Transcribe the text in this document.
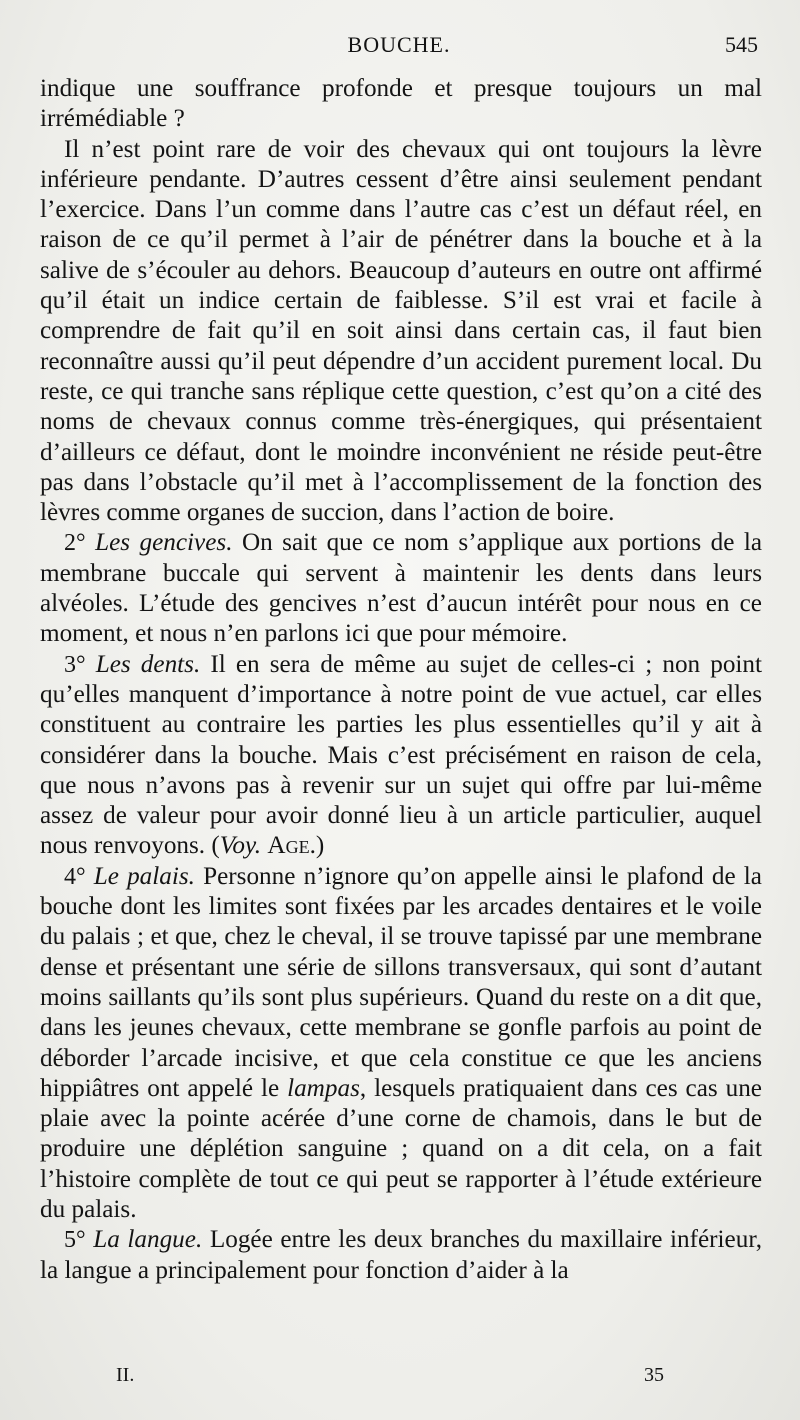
BOUCHE.	545

indique une souffrance profonde et presque toujours un mal irrémédiable ?

Il n’est point rare de voir des chevaux qui ont toujours la lèvre inférieure pendante. D’autres cessent d’être ainsi seulement pendant l’exercice. Dans l’un comme dans l’autre cas c’est un défaut réel, en raison de ce qu’il permet à l’air de pénétrer dans la bouche et à la salive de s’écouler au dehors. Beaucoup d’auteurs en outre ont affirmé qu’il était un indice certain de faiblesse. S’il est vrai et facile à comprendre de fait qu’il en soit ainsi dans certain cas, il faut bien reconnaître aussi qu’il peut dépendre d’un accident purement local. Du reste, ce qui tranche sans réplique cette question, c’est qu’on a cité des noms de chevaux connus comme très-énergiques, qui présentaient d’ailleurs ce défaut, dont le moindre inconvénient ne réside peut-être pas dans l’obstacle qu’il met à l’accomplissement de la fonction des lèvres comme organes de succion, dans l’action de boire.

2° Les gencives. On sait que ce nom s’applique aux portions de la membrane buccale qui servent à maintenir les dents dans leurs alvéoles. L’étude des gencives n’est d’aucun intérêt pour nous en ce moment, et nous n’en parlons ici que pour mémoire.

3° Les dents. Il en sera de même au sujet de celles-ci ; non point qu’elles manquent d’importance à notre point de vue actuel, car elles constituent au contraire les parties les plus essentielles qu’il y ait à considérer dans la bouche. Mais c’est précisément en raison de cela, que nous n’avons pas à revenir sur un sujet qui offre par lui-même assez de valeur pour avoir donné lieu à un article particulier, auquel nous renvoyons. (Voy. Age.)

4° Le palais. Personne n’ignore qu’on appelle ainsi le plafond de la bouche dont les limites sont fixées par les arcades dentaires et le voile du palais ; et que, chez le cheval, il se trouve tapissé par une membrane dense et présentant une série de sillons transversaux, qui sont d’autant moins saillants qu’ils sont plus supérieurs. Quand du reste on a dit que, dans les jeunes chevaux, cette membrane se gonfle parfois au point de déborder l’arcade incisive, et que cela constitue ce que les anciens hippiâtres ont appelé le lampas, lesquels pratiquaient dans ces cas une plaie avec la pointe acérée d’une corne de chamois, dans le but de produire une déplétion sanguine ; quand on a dit cela, on a fait l’histoire complète de tout ce qui peut se rapporter à l’étude extérieure du palais.

5° La langue. Logée entre les deux branches du maxillaire inférieur, la langue a principalement pour fonction d’aider à la

II.	35
